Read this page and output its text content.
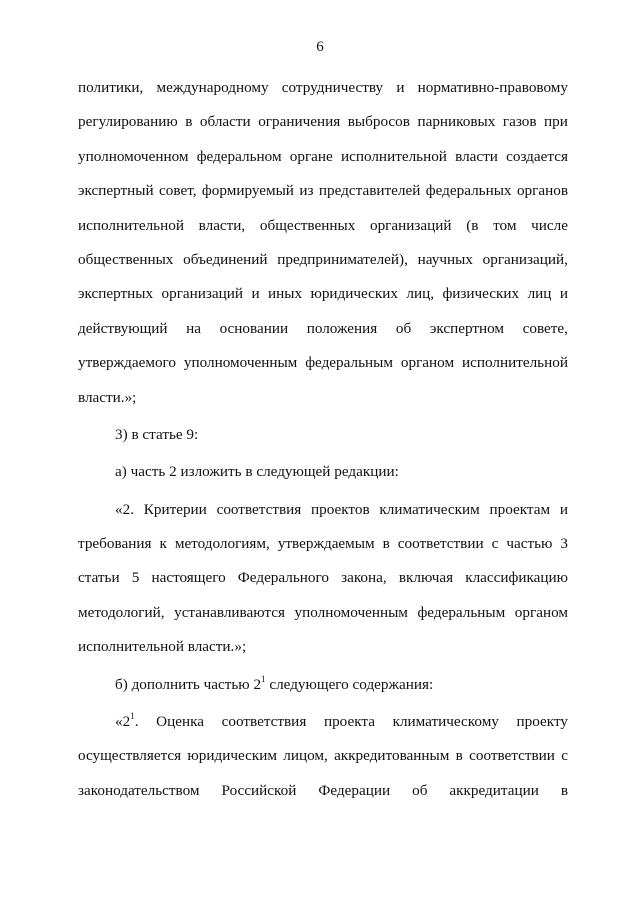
6
политики, международному сотрудничеству и нормативно-правовому
регулированию в области ограничения выбросов парниковых газов при
уполномоченном федеральном органе исполнительной власти создается
экспертный совет, формируемый из представителей федеральных органов
исполнительной власти, общественных организаций (в том числе
общественных объединений предпринимателей), научных организаций,
экспертных организаций и иных юридических лиц, физических лиц и
действующий на основании положения об экспертном совете,
утверждаемого уполномоченным федеральным органом исполнительной
власти.»;
3) в статье 9:
а) часть 2 изложить в следующей редакции:
«2. Критерии соответствия проектов климатическим проектам и
требования к методологиям, утверждаемым в соответствии с частью 3
статьи 5 настоящего Федерального закона, включая классификацию
методологий, устанавливаются уполномоченным федеральным органом
исполнительной власти.»;
б) дополнить частью $2^1$ следующего содержания:
«$2^1$. Оценка соответствия проекта климатическому проекту
осуществляется юридическим лицом, аккредитованным в соответствии с
законодательством Российской Федерации об аккредитации в
